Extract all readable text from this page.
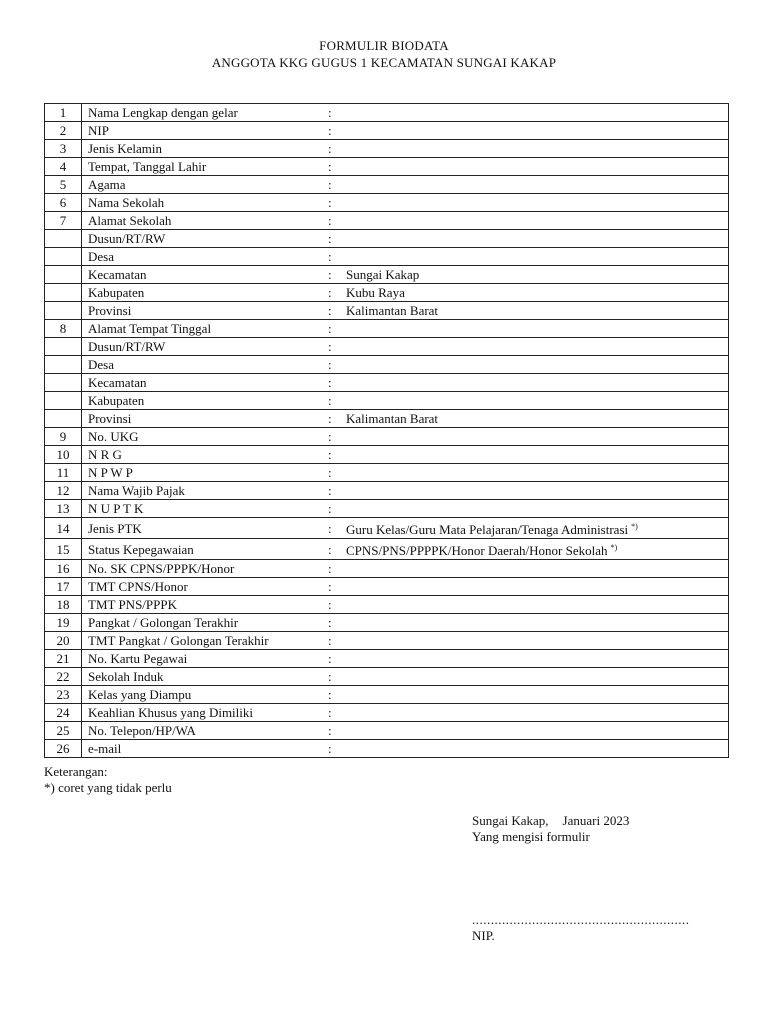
FORMULIR BIODATA
ANGGOTA KKG GUGUS 1 KECAMATAN SUNGAI KAKAP
1	Nama Lengkap dengan gelar	:	
2	NIP	:	
3	Jenis Kelamin	:	
4	Tempat, Tanggal Lahir	:	
5	Agama	:	
6	Nama Sekolah	:	
7	Alamat Sekolah	:	
	Dusun/RT/RW	:	
	Desa	:	
	Kecamatan	:	Sungai Kakap
	Kabupaten	:	Kubu Raya
	Provinsi	:	Kalimantan Barat
8	Alamat Tempat Tinggal	:	
	Dusun/RT/RW	:	
	Desa	:	
	Kecamatan	:	
	Kabupaten	:	
	Provinsi	:	Kalimantan Barat
9	No. UKG	:	
10	N R G	:	
11	N P W P	:	
12	Nama Wajib Pajak	:	
13	N U P T K	:	
14	Jenis PTK	:	Guru Kelas/Guru Mata Pelajaran/Tenaga Administrasi *)
15	Status Kepegawaian	:	CPNS/PNS/PPPPK/Honor Daerah/Honor Sekolah *)
16	No. SK CPNS/PPPK/Honor	:	
17	TMT CPNS/Honor	:	
18	TMT PNS/PPPK	:	
19	Pangkat / Golongan Terakhir	:	
20	TMT Pangkat / Golongan Terakhir	:	
21	No. Kartu Pegawai	:	
22	Sekolah Induk	:	
23	Kelas yang Diampu	:	
24	Keahlian Khusus yang Dimiliki	:	
25	No. Telepon/HP/WA	:	
26	e-mail	:	
Keterangan:
*) coret yang tidak perlu
Sungai Kakap, Januari 2023
Yang mengisi formulir
..........................................................
NIP.
